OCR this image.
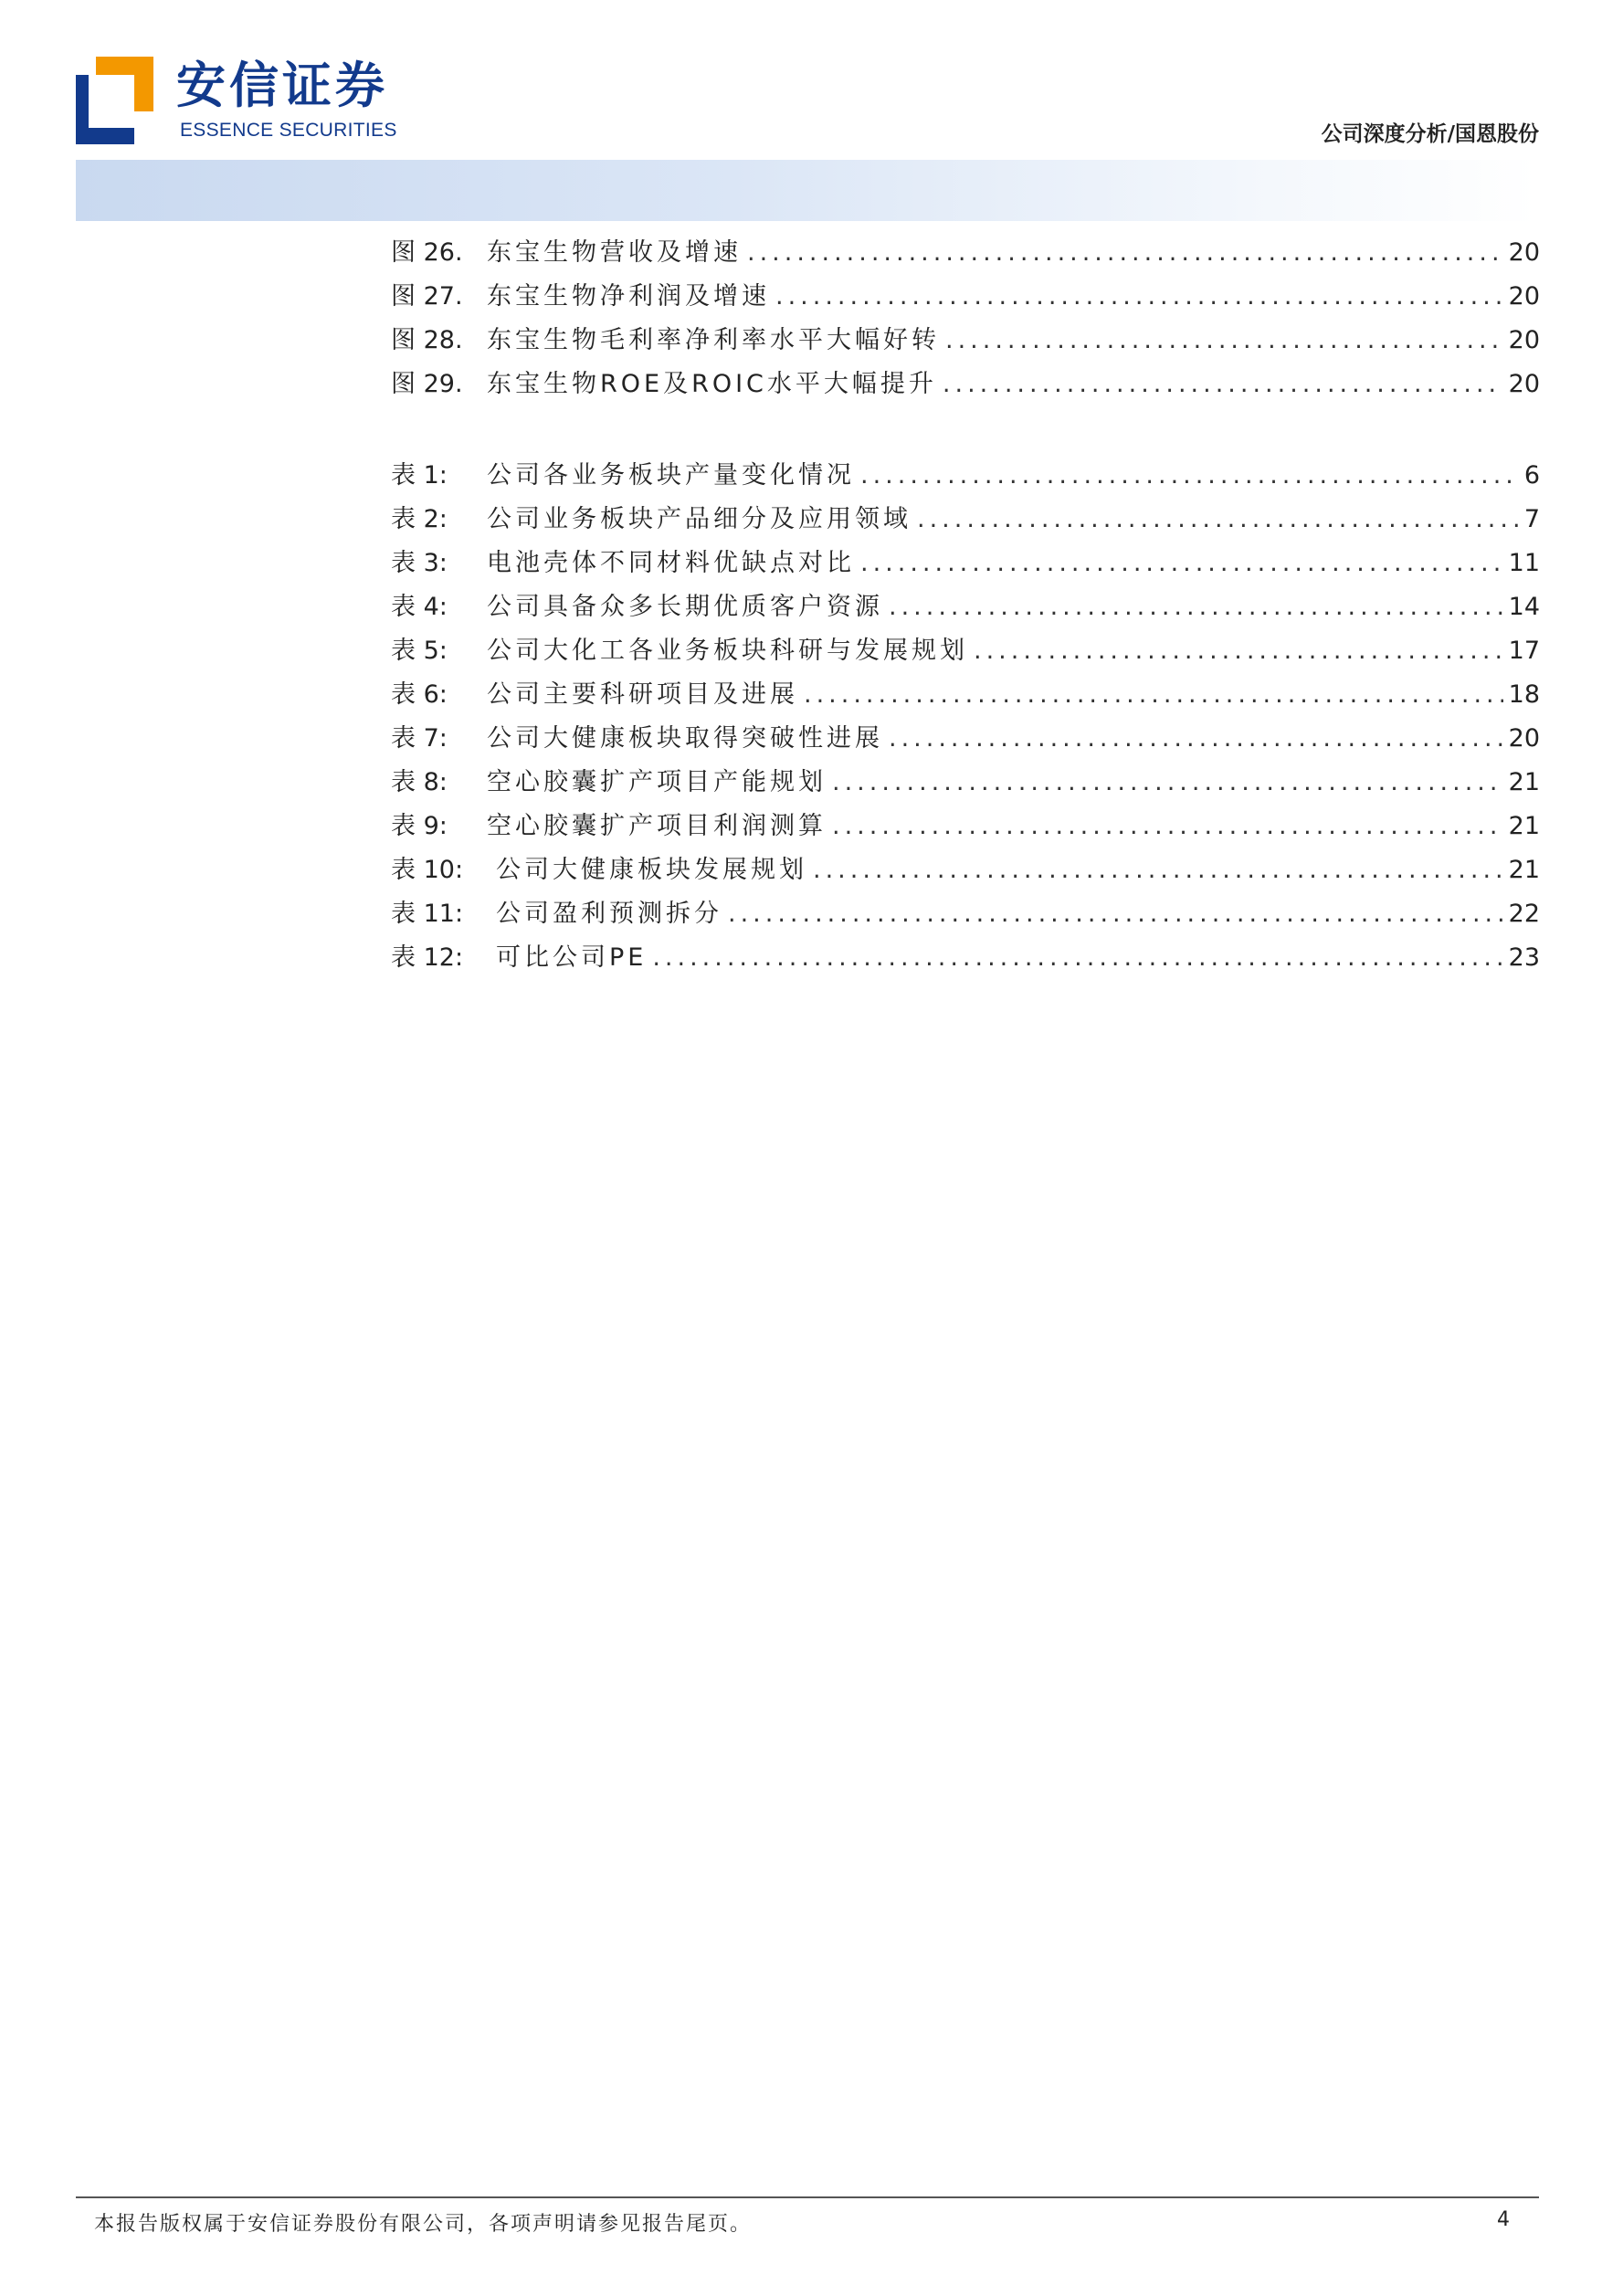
安信证券
ESSENCE SECURITIES	公司深度分析/国恩股份
图 26. 东宝生物营收及增速 .....	20
图 27. 东宝生物净利润及增速 .....	20
图 28. 东宝生物毛利率净利率水平大幅好转 .....	20
图 29. 东宝生物ROE及ROIC水平大幅提升 .....	20
表 1:	公司各业务板块产量变化情况 .....	6
表 2:	公司业务板块产品细分及应用领域 .....	7
表 3:	电池壳体不同材料优缺点对比 .....	11
表 4:	公司具备众多长期优质客户资源 .....	14
表 5:	公司大化工各业务板块科研与发展规划 .....	17
表 6:	公司主要科研项目及进展 .....	18
表 7:	公司大健康板块取得突破性进展 .....	20
表 8:	空心胶囊扩产项目产能规划 .....	21
表 9:	空心胶囊扩产项目利润测算 .....	21
表 10:	公司大健康板块发展规划 .....	21
表 11:	公司盈利预测拆分 .....	22
表 12:	可比公司PE .....	23
本报告版权属于安信证券股份有限公司，各项声明请参见报告尾页。	4
